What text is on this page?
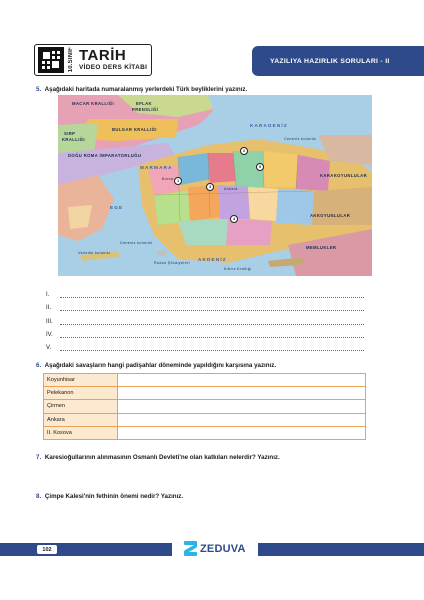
10.SINIF TARİH
VİDEO DERS KİTABI
YAZILIYA HAZIRLIK SORULARI - II
5. Aşağıdaki haritada numaralanmış yerlerdeki Türk beyliklerini yazınız.
MACAR KRALLIĞI	EFLAK
PRENSLİĞİ
BULGAR KRALLIĞI
SIRP
KRALLIĞI
DOĞU ROMA İMPARATORLUĞU
KARADENİZ
Ceneviz kolonisi
MARMARA
EGE
AKDENİZ
Kıbrıs Krallığı
Rodos Şövalyeleri
Ceneviz kolonisi
Venedik kolonisi
MEMLUKLER
KARAKOYUNLULAR
AKKOYUNLULAR
Ankara
Bursa 1
2
3
4
5
I.
II.
III.
IV.
V.
6. Aşağıdaki savaşların hangi padişahlar döneminde yapıldığını karşısına yazınız.
Koyunhisar	
Pelekanon	
Çirmen	
Ankara	
II. Kosova	
7. Karesioğullarının alınmasının Osmanlı Devleti'ne olan katkıları nelerdir? Yazınız.
8. Çimpe Kalesi'nin fethinin önemi nedir? Yazınız.
102	ZEDUVA
